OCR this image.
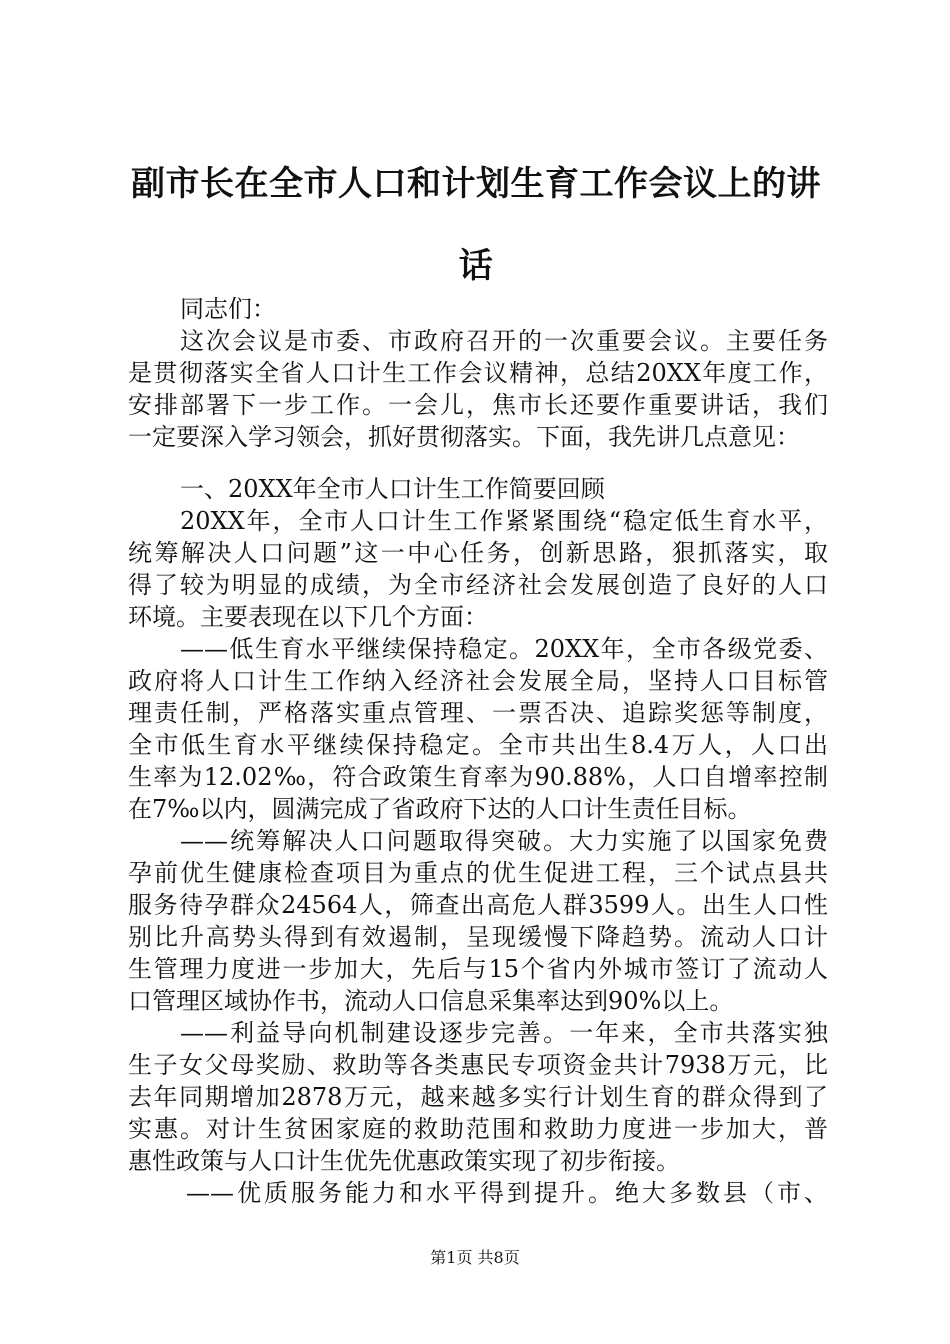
副市长在全市人口和计划生育工作会议上的讲
话
同志们：
这次会议是市委、市政府召开的一次重要会议。主要任务
是贯彻落实全省人口计生工作会议精神，总结20XX年度工作，
安排部署下一步工作。一会儿，焦市长还要作重要讲话，我们
一定要深入学习领会，抓好贯彻落实。下面，我先讲几点意见：
一、20XX年全市人口计生工作简要回顾
20XX年，全市人口计生工作紧紧围绕“稳定低生育水平，
统筹解决人口问题”这一中心任务，创新思路，狠抓落实，取
得了较为明显的成绩，为全市经济社会发展创造了良好的人口
环境。主要表现在以下几个方面：
——低生育水平继续保持稳定。20XX年，全市各级党委、
政府将人口计生工作纳入经济社会发展全局，坚持人口目标管
理责任制，严格落实重点管理、一票否决、追踪奖惩等制度，
全市低生育水平继续保持稳定。全市共出生8.4万人，人口出
生率为12.02‰，符合政策生育率为90.88%，人口自增率控制
在7‰以内，圆满完成了省政府下达的人口计生责任目标。
——统筹解决人口问题取得突破。大力实施了以国家免费
孕前优生健康检查项目为重点的优生促进工程，三个试点县共
服务待孕群众24564人，筛查出高危人群3599人。出生人口性
别比升高势头得到有效遏制，呈现缓慢下降趋势。流动人口计
生管理力度进一步加大，先后与15个省内外城市签订了流动人
口管理区域协作书，流动人口信息采集率达到90%以上。
——利益导向机制建设逐步完善。一年来，全市共落实独
生子女父母奖励、救助等各类惠民专项资金共计7938万元，比
去年同期增加2878万元，越来越多实行计划生育的群众得到了
实惠。对计生贫困家庭的救助范围和救助力度进一步加大，普
惠性政策与人口计生优先优惠政策实现了初步衔接。
——优质服务能力和水平得到提升。绝大多数县（市、
第1页 共8页
